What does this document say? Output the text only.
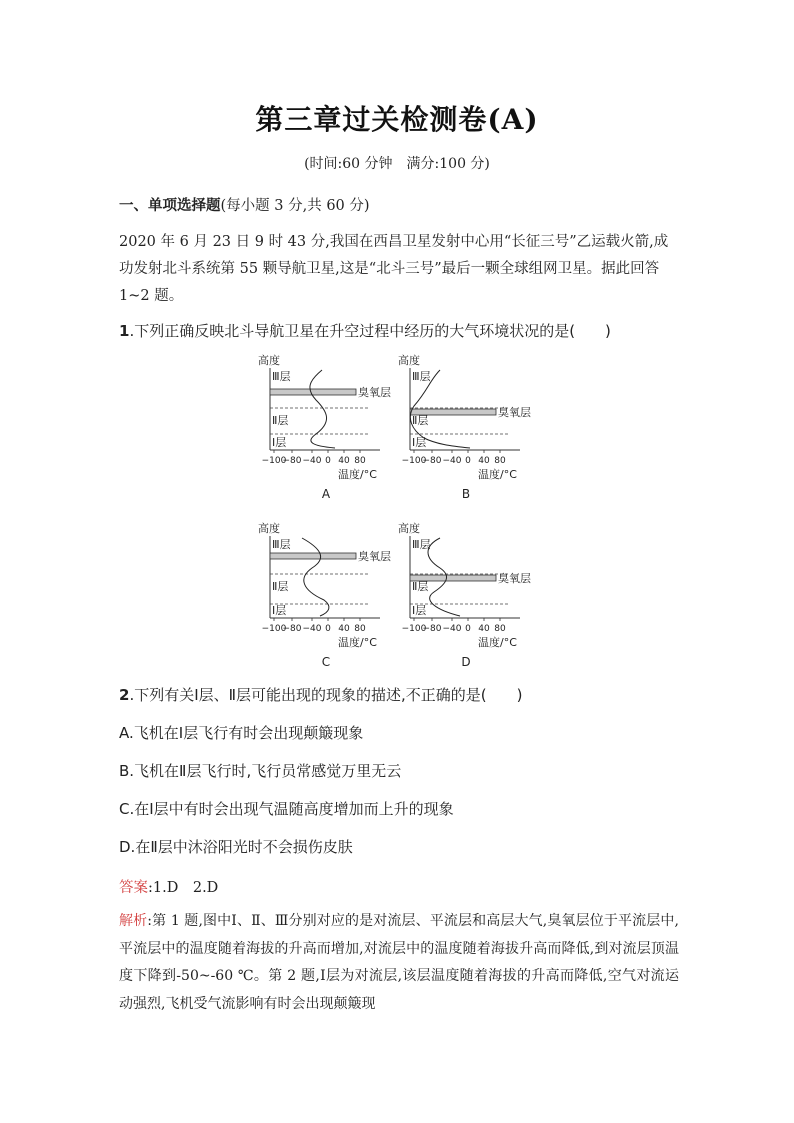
第三章过关检测卷(A)
(时间:60 分钟　满分:100 分)
一、单项选择题(每小题 3 分,共 60 分)
2020 年 6 月 23 日 9 时 43 分,我国在西昌卫星发射中心用“长征三号”乙运载火箭,成功发射北斗系统第 55 颗导航卫星,这是“北斗三号”最后一颗全球组网卫星。据此回答 1~2 题。
1.下列正确反映北斗导航卫星在升空过程中经历的大气环境状况的是(　　)
高度
臭氧层
Ⅲ层
Ⅱ层
Ⅰ层
−100
−80 −40 0 40 80
温度/°C
A
高度
臭氧层
Ⅲ层
Ⅱ层
Ⅰ层
−100
−80 −40 0 40 80
温度/°C
B
高度
臭氧层
Ⅲ层
Ⅱ层
Ⅰ层
−100
−80 −40 0 40 80
温度/°C
C
高度
臭氧层
Ⅲ层
Ⅱ层
Ⅰ层
−100
−80 −40 0 40 80
温度/°C
D
2.下列有关Ⅰ层、Ⅱ层可能出现的现象的描述,不正确的是(　　)
A.飞机在Ⅰ层飞行有时会出现颠簸现象
B.飞机在Ⅱ层飞行时,飞行员常感觉万里无云
C.在Ⅰ层中有时会出现气温随高度增加而上升的现象
D.在Ⅱ层中沐浴阳光时不会损伤皮肤
答案:1.D　2.D
解析:第 1 题,图中Ⅰ、Ⅱ、Ⅲ分别对应的是对流层、平流层和高层大气,臭氧层位于平流层中,平流层中的温度随着海拔的升高而增加,对流层中的温度随着海拔升高而降低,到对流层顶温度下降到-50~-60 ℃。第 2 题,Ⅰ层为对流层,该层温度随着海拔的升高而降低,空气对流运动强烈,飞机受气流影响有时会出现颠簸现
